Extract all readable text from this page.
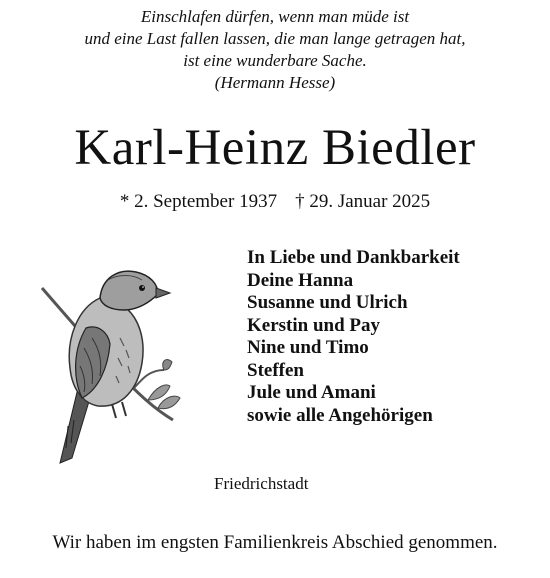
Einschlafen dürfen, wenn man müde ist
und eine Last fallen lassen, die man lange getragen hat,
ist eine wunderbare Sache.
(Hermann Hesse)
Karl-Heinz Biedler
* 2. September 1937 † 29. Januar 2025
In Liebe und Dankbarkeit
Deine Hanna
Susanne und Ulrich
Kerstin und Pay
Nine und Timo
Steffen
Jule und Amani
sowie alle Angehörigen
Friedrichstadt
Wir haben im engsten Familienkreis Abschied genommen.
